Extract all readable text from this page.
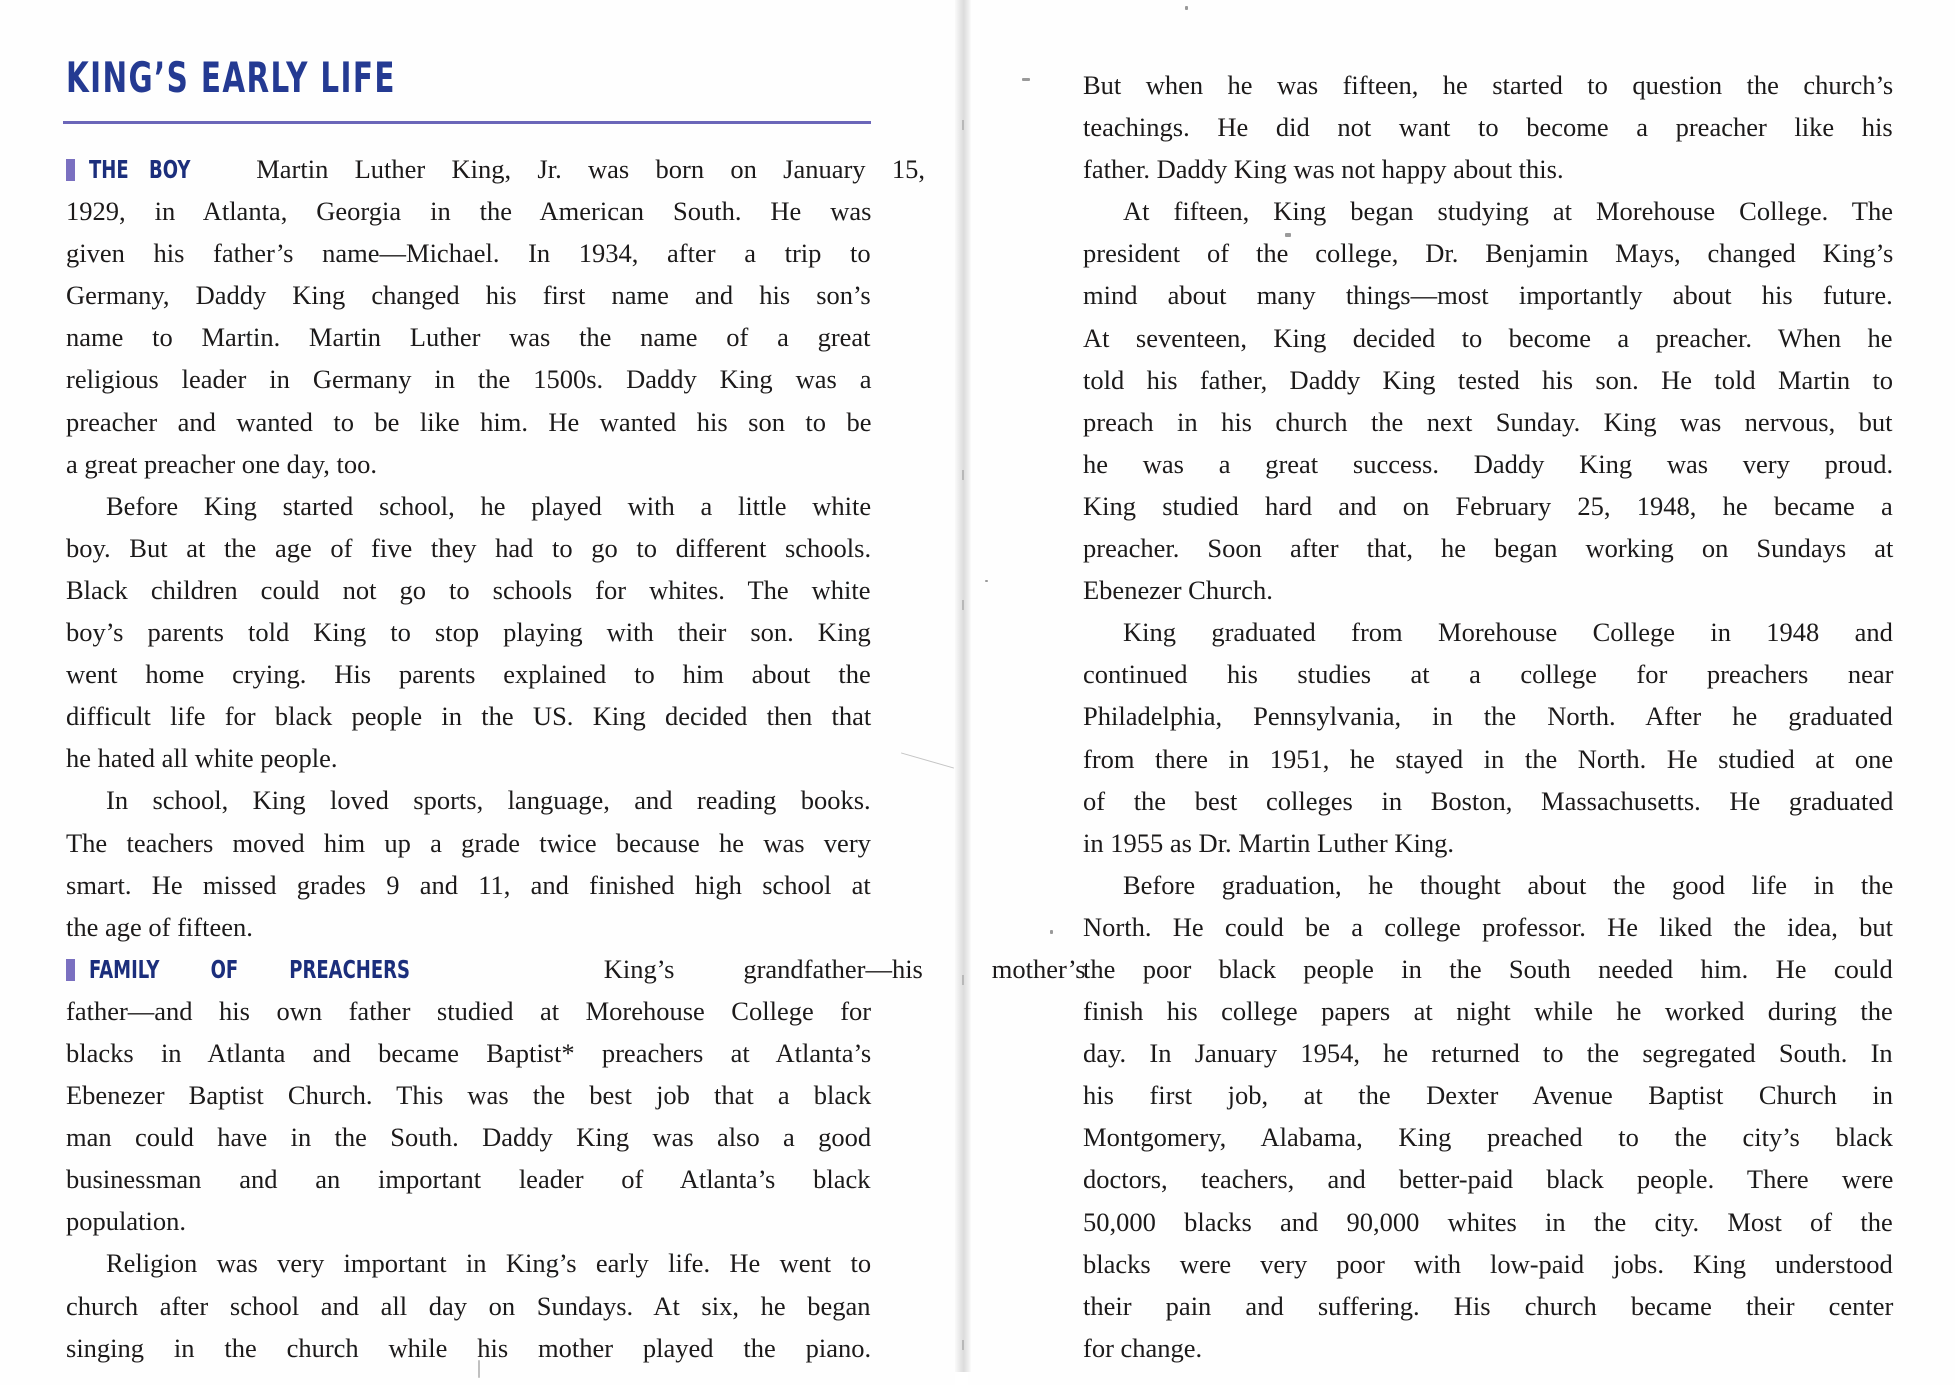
KING’S EARLY LIFE
THE BOY Martin Luther King, Jr. was born on January 15,
1929, in Atlanta, Georgia in the American South. He was
given his father’s name—Michael. In 1934, after a trip to
Germany, Daddy King changed his first name and his son’s
name to Martin. Martin Luther was the name of a great
religious leader in Germany in the 1500s. Daddy King was a
preacher and wanted to be like him. He wanted his son to be
a great preacher one day, too.
Before King started school, he played with a little white
boy. But at the age of five they had to go to different schools.
Black children could not go to schools for whites. The white
boy’s parents told King to stop playing with their son. King
went home crying. His parents explained to him about the
difficult life for black people in the US. King decided then that
he hated all white people.
In school, King loved sports, language, and reading books.
The teachers moved him up a grade twice because he was very
smart. He missed grades 9 and 11, and finished high school at
the age of fifteen.
FAMILY OF PREACHERS	King’s grandfather—his mother’s
father—and his own father studied at Morehouse College for
blacks in Atlanta and became Baptist* preachers at Atlanta’s
Ebenezer Baptist Church. This was the best job that a black
man could have in the South. Daddy King was also a good
businessman and an important leader of Atlanta’s black
population.
Religion was very important in King’s early life. He went to
church after school and all day on Sundays. At six, he began
singing in the church while his mother played the piano.
But when he was fifteen, he started to question the church’s
teachings. He did not want to become a preacher like his
father. Daddy King was not happy about this.
At fifteen, King began studying at Morehouse College. The
president of the college, Dr. Benjamin Mays, changed King’s
mind about many things—most importantly about his future.
At seventeen, King decided to become a preacher. When he
told his father, Daddy King tested his son. He told Martin to
preach in his church the next Sunday. King was nervous, but
he was a great success. Daddy King was very proud.
King studied hard and on February 25, 1948, he became a
preacher. Soon after that, he began working on Sundays at
Ebenezer Church.
King graduated from Morehouse College in 1948 and
continued his studies at a college for preachers near
Philadelphia, Pennsylvania, in the North. After he graduated
from there in 1951, he stayed in the North. He studied at one
of the best colleges in Boston, Massachusetts. He graduated
in 1955 as Dr. Martin Luther King.
Before graduation, he thought about the good life in the
North. He could be a college professor. He liked the idea, but
the poor black people in the South needed him. He could
finish his college papers at night while he worked during the
day. In January 1954, he returned to the segregated South. In
his first job, at the Dexter Avenue Baptist Church in
Montgomery, Alabama, King preached to the city’s black
doctors, teachers, and better-paid black people. There were
50,000 blacks and 90,000 whites in the city. Most of the
blacks were very poor with low-paid jobs. King understood
their pain and suffering. His church became their center
for change.
